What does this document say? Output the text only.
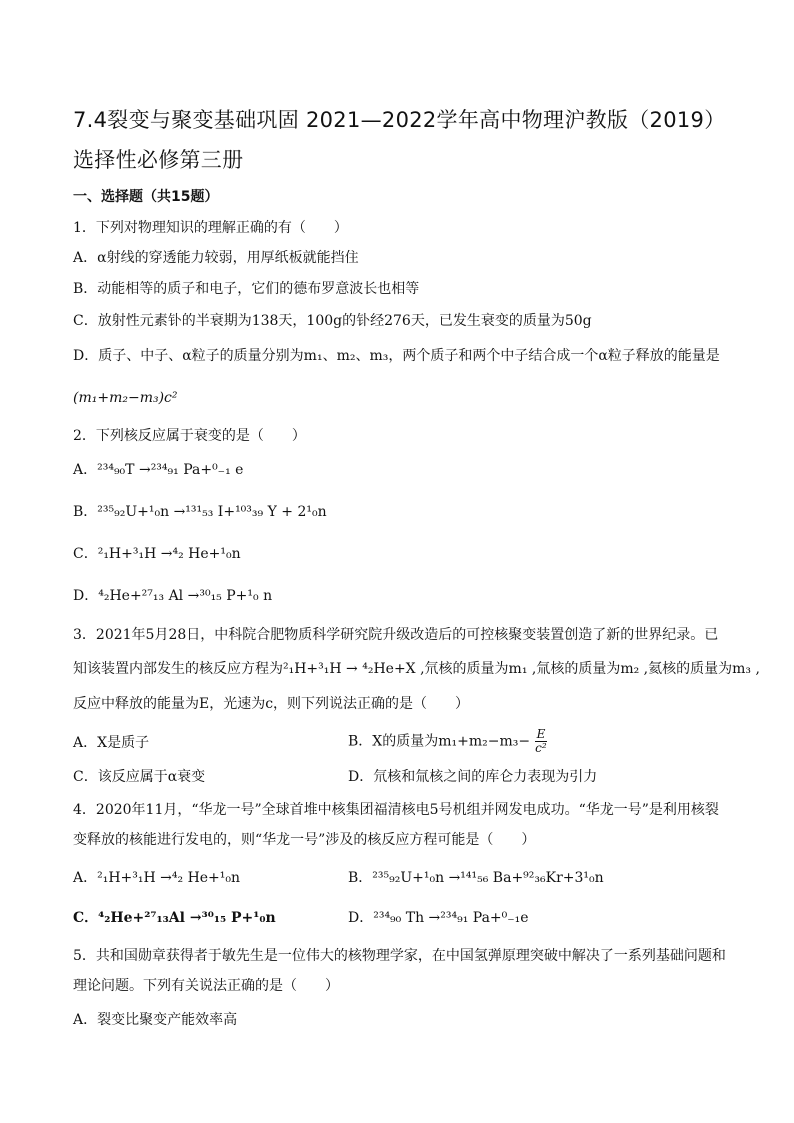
7.4裂变与聚变基础巩固 2021—2022学年高中物理沪教版（2019）选择性必修第三册
一、选择题（共15题）
1．下列对物理知识的理解正确的有（　　）
A．α射线的穿透能力较弱，用厚纸板就能挡住
B．动能相等的质子和电子，它们的德布罗意波长也相等
C．放射性元素钋的半衰期为138天，100g的钋经276天，已发生衰变的质量为50g
D．质子、中子、α粒子的质量分别为m₁、m₂、m₃，两个质子和两个中子结合成一个α粒子释放的能量是
(m₁+m₂−m₃)c²
2．下列核反应属于衰变的是（　　）
A．²³⁴₉₀T →²³⁴₉₁ Pa+⁰₋₁ e
B．²³⁵₉₂U+¹₀n →¹³¹₅₃ I+¹⁰³₃₉ Y + 2¹₀n
C．²₁H+³₁H →⁴₂ He+¹₀n
D．⁴₂He+²⁷₁₃ Al →³⁰₁₅ P+¹₀ n
3．2021年5月28日，中科院合肥物质科学研究院升级改造后的可控核聚变装置创造了新的世界纪录。已
知该装置内部发生的核反应方程为²₁H+³₁H → ⁴₂He+X ,氘核的质量为m₁ ,氚核的质量为m₂ ,氦核的质量为m₃ ,
反应中释放的能量为E，光速为c，则下列说法正确的是（　　）
A．X是质子	B．X的质量为$m_1+m_2-m_3- \frac{E}{\text{c²}}$
C．该反应属于α衰变	D．氘核和氚核之间的库仑力表现为引力
4．2020年11月，“华龙一号”全球首堆中核集团福清核电5号机组并网发电成功。“华龙一号”是利用核裂
变释放的核能进行发电的，则“华龙一号”涉及的核反应方程可能是（　　）
A．²₁H+³₁H →⁴₂ He+¹₀n	B．²³⁵₉₂U+¹₀n →¹⁴¹₅₆ Ba+⁹²₃₆Kr+3¹₀n
C．⁴₂He+²⁷₁₃Al →³⁰₁₅ P+¹₀n	D．²³⁴₉₀ Th →²³⁴₉₁ Pa+⁰₋₁e
5．共和国勋章获得者于敏先生是一位伟大的核物理学家，在中国氢弹原理突破中解决了一系列基础问题和
理论问题。下列有关说法正确的是（　　）
A．裂变比聚变产能效率高
